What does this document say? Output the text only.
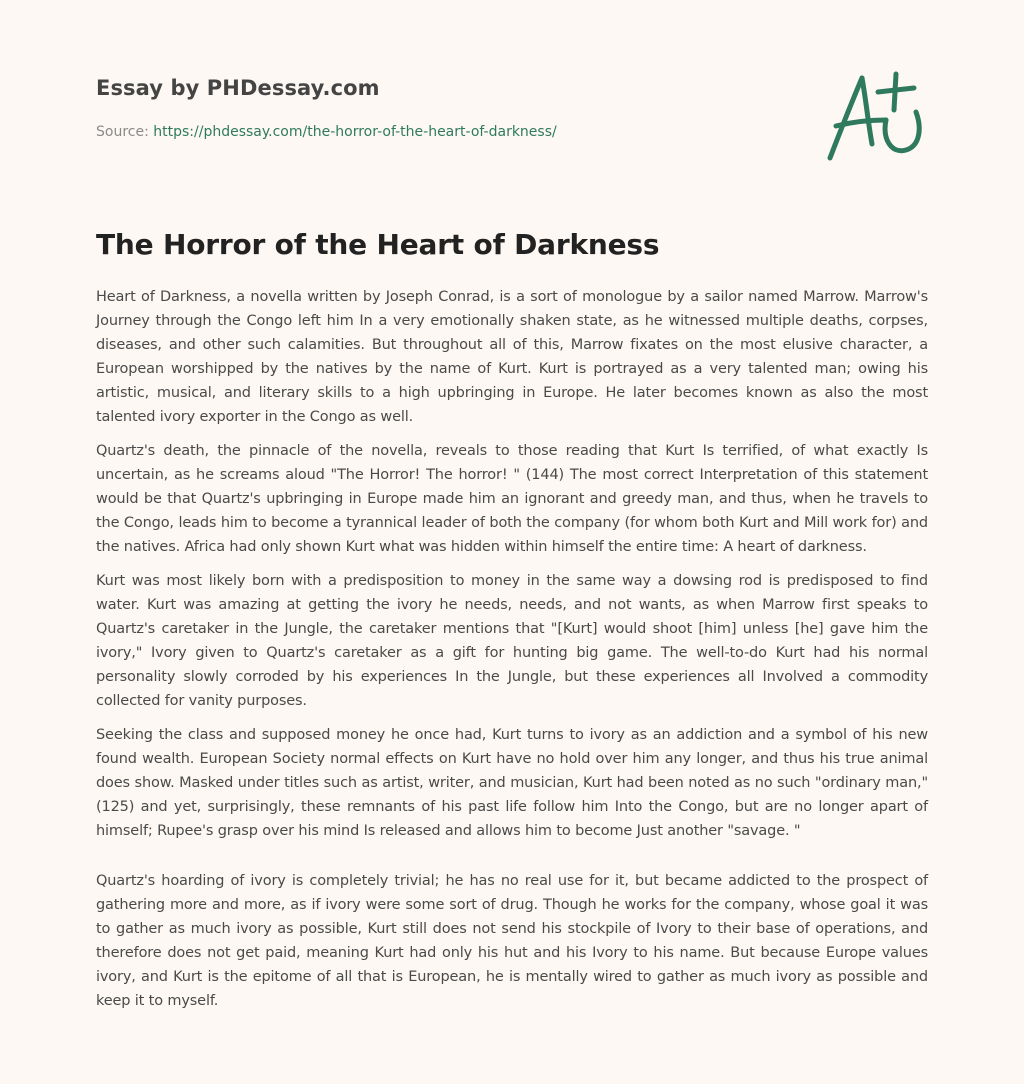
Essay by PHDessay.com
Source: https://phdessay.com/the-horror-of-the-heart-of-darkness/
The Horror of the Heart of Darkness

Heart of Darkness, a novella written by Joseph Conrad, is a sort of monologue by a sailor named Marrow. Marrow's Journey through the Congo left him In a very emotionally shaken state, as he witnessed multiple deaths, corpses, diseases, and other such calamities. But throughout all of this, Marrow fixates on the most elusive character, a European worshipped by the natives by the name of Kurt. Kurt is portrayed as a very talented man; owing his artistic, musical, and literary skills to a high upbringing in Europe. He later becomes known as also the most talented ivory exporter in the Congo as well.

Quartz's death, the pinnacle of the novella, reveals to those reading that Kurt Is terrified, of what exactly Is uncertain, as he screams aloud "The Horror! The horror! " (144) The most correct Interpretation of this statement would be that Quartz's upbringing in Europe made him an ignorant and greedy man, and thus, when he travels to the Congo, leads him to become a tyrannical leader of both the company (for whom both Kurt and Mill work for) and the natives. Africa had only shown Kurt what was hidden within himself the entire time: A heart of darkness.

Kurt was most likely born with a predisposition to money in the same way a dowsing rod is predisposed to find water. Kurt was amazing at getting the ivory he needs, needs, and not wants, as when Marrow first speaks to Quartz's caretaker in the Jungle, the caretaker mentions that "[Kurt] would shoot [him] unless [he] gave him the ivory," Ivory given to Quartz's caretaker as a gift for hunting big game. The well-to-do Kurt had his normal personality slowly corroded by his experiences In the Jungle, but these experiences all Involved a commodity collected for vanity purposes.

Seeking the class and supposed money he once had, Kurt turns to ivory as an addiction and a symbol of his new found wealth. European Society normal effects on Kurt have no hold over him any longer, and thus his true animal does show. Masked under titles such as artist, writer, and musician, Kurt had been noted as no such "ordinary man," (125) and yet, surprisingly, these remnants of his past life follow him Into the Congo, but are no longer apart of himself; Rupee's grasp over his mind Is released and allows him to become Just another "savage. "

Quartz's hoarding of ivory is completely trivial; he has no real use for it, but became addicted to the prospect of gathering more and more, as if ivory were some sort of drug. Though he works for the company, whose goal it was to gather as much ivory as possible, Kurt still does not send his stockpile of Ivory to their base of operations, and therefore does not get paid, meaning Kurt had only his hut and his Ivory to his name. But because Europe values ivory, and Kurt is the epitome of all that is European, he is mentally wired to gather as much ivory as possible and keep it to myself.
